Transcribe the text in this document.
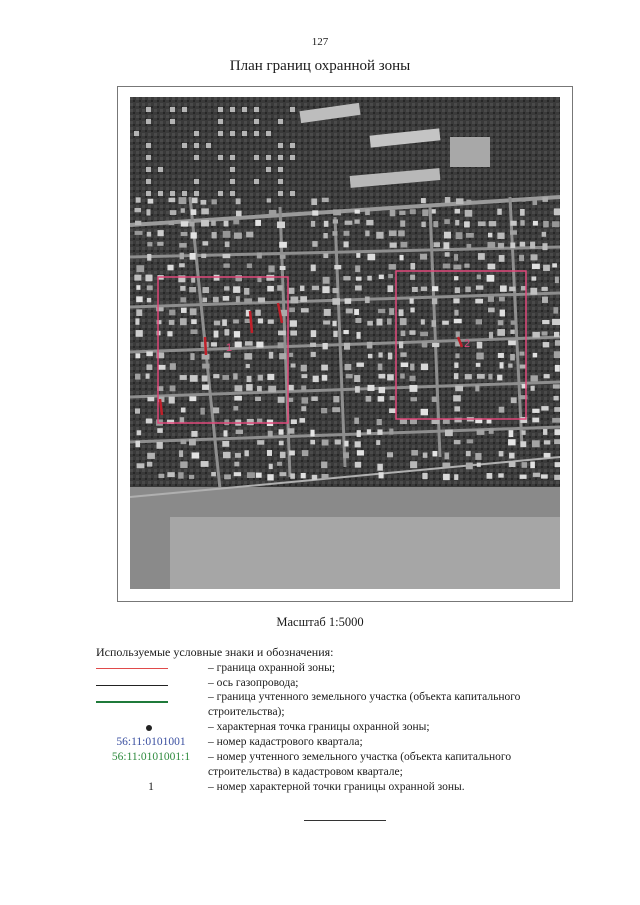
127
План границ охранной зоны
1	2
Масштаб 1:5000
Используемые условные знаки и обозначения:
– граница охранной зоны;
– ось газопровода;
– граница учтенного земельного участка (объекта капитального строительства);
– характерная точка границы охранной зоны;
56:11:0101001	– номер кадастрового квартала;
56:11:0101001:1	– номер учтенного земельного участка (объекта капитального строительства) в кадастровом квартале;
1	– номер характерной точки границы охранной зоны.
